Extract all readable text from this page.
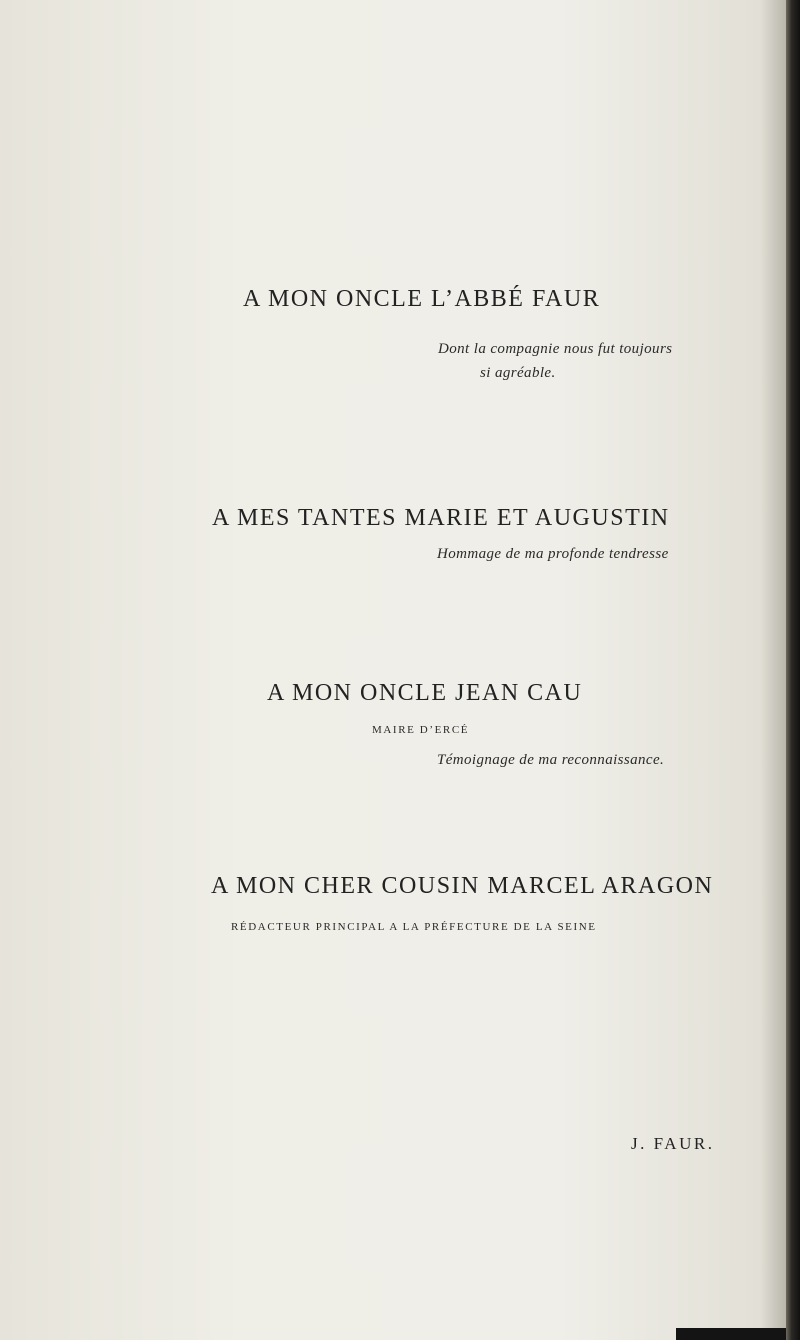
A MON ONCLE L’ABBÉ FAUR
Dont la compagnie nous fut toujours
si agréable.
A MES TANTES MARIE ET AUGUSTIN
Hommage de ma profonde tendresse
A MON ONCLE JEAN CAU
MAIRE D’ERCÉ
Témoignage de ma reconnaissance.
A MON CHER COUSIN MARCEL ARAGON
RÉDACTEUR PRINCIPAL A LA PRÉFECTURE DE LA SEINE
J. FAUR.
